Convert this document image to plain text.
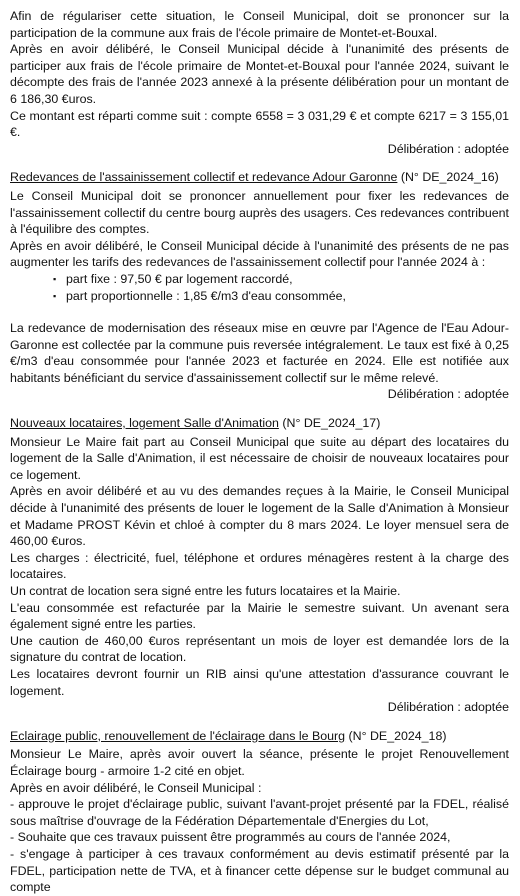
Afin de régulariser cette situation, le Conseil Municipal, doit se prononcer sur la participation de la commune aux frais de l'école primaire de Montet-et-Bouxal.

Après en avoir délibéré, le Conseil Municipal décide à l'unanimité des présents de participer aux frais de l'école primaire de Montet-et-Bouxal pour l'année 2024, suivant le décompte des frais de l'année 2023 annexé à la présente délibération pour un montant de 6 186,30 €uros.

Ce montant est réparti comme suit : compte 6558 = 3 031,29 € et compte 6217 = 3 155,01 €.

Délibération : adoptée

Redevances de l'assainissement collectif et redevance Adour Garonne (N° DE_2024_16)

Le Conseil Municipal doit se prononcer annuellement pour fixer les redevances de l'assainissement collectif du centre bourg auprès des usagers. Ces redevances contribuent à l'équilibre des comptes.

Après en avoir délibéré, le Conseil Municipal décide à l'unanimité des présents de ne pas augmenter les tarifs des redevances de l'assainissement collectif pour l'année 2024 à :

▪ part fixe : 97,50 € par logement raccordé,
▪ part proportionnelle : 1,85 €/m3 d'eau consommée,

La redevance de modernisation des réseaux mise en œuvre par l'Agence de l'Eau Adour-Garonne est collectée par la commune puis reversée intégralement. Le taux est fixé à 0,25 €/m3 d'eau consommée pour l'année 2023 et facturée en 2024. Elle est notifiée aux habitants bénéficiant du service d'assainissement collectif sur le même relevé.

Délibération : adoptée

Nouveaux locataires, logement Salle d'Animation (N° DE_2024_17)

Monsieur Le Maire fait part au Conseil Municipal que suite au départ des locataires du logement de la Salle d'Animation, il est nécessaire de choisir de nouveaux locataires pour ce logement.

Après en avoir délibéré et au vu des demandes reçues à la Mairie, le Conseil Municipal décide à l'unanimité des présents de louer le logement de la Salle d'Animation à Monsieur et Madame PROST Kévin et chloé à compter du 8 mars 2024. Le loyer mensuel sera de 460,00 €uros.

Les charges : électricité, fuel, téléphone et ordures ménagères restent à la charge des locataires.

Un contrat de location sera signé entre les futurs locataires et la Mairie.

L'eau consommée est refacturée par la Mairie le semestre suivant. Un avenant sera également signé entre les parties.

Une caution de 460,00 €uros représentant un mois de loyer est demandée lors de la signature du contrat de location.

Les locataires devront fournir un RIB ainsi qu'une attestation d'assurance couvrant le logement.

Délibération : adoptée

Eclairage public, renouvellement de l'éclairage dans le Bourg (N° DE_2024_18)

Monsieur Le Maire, après avoir ouvert la séance, présente le projet Renouvellement Éclairage bourg - armoire 1-2 cité en objet.

Après en avoir délibéré, le Conseil Municipal :

- approuve le projet d'éclairage public, suivant l'avant-projet présenté par la FDEL, réalisé sous maîtrise d'ouvrage de la Fédération Départementale d'Energies du Lot,

- Souhaite que ces travaux puissent être programmés au cours de l'année 2024,

- s'engage à participer à ces travaux conformément au devis estimatif présenté par la FDEL, participation nette de TVA, et à financer cette dépense sur le budget communal au compte
